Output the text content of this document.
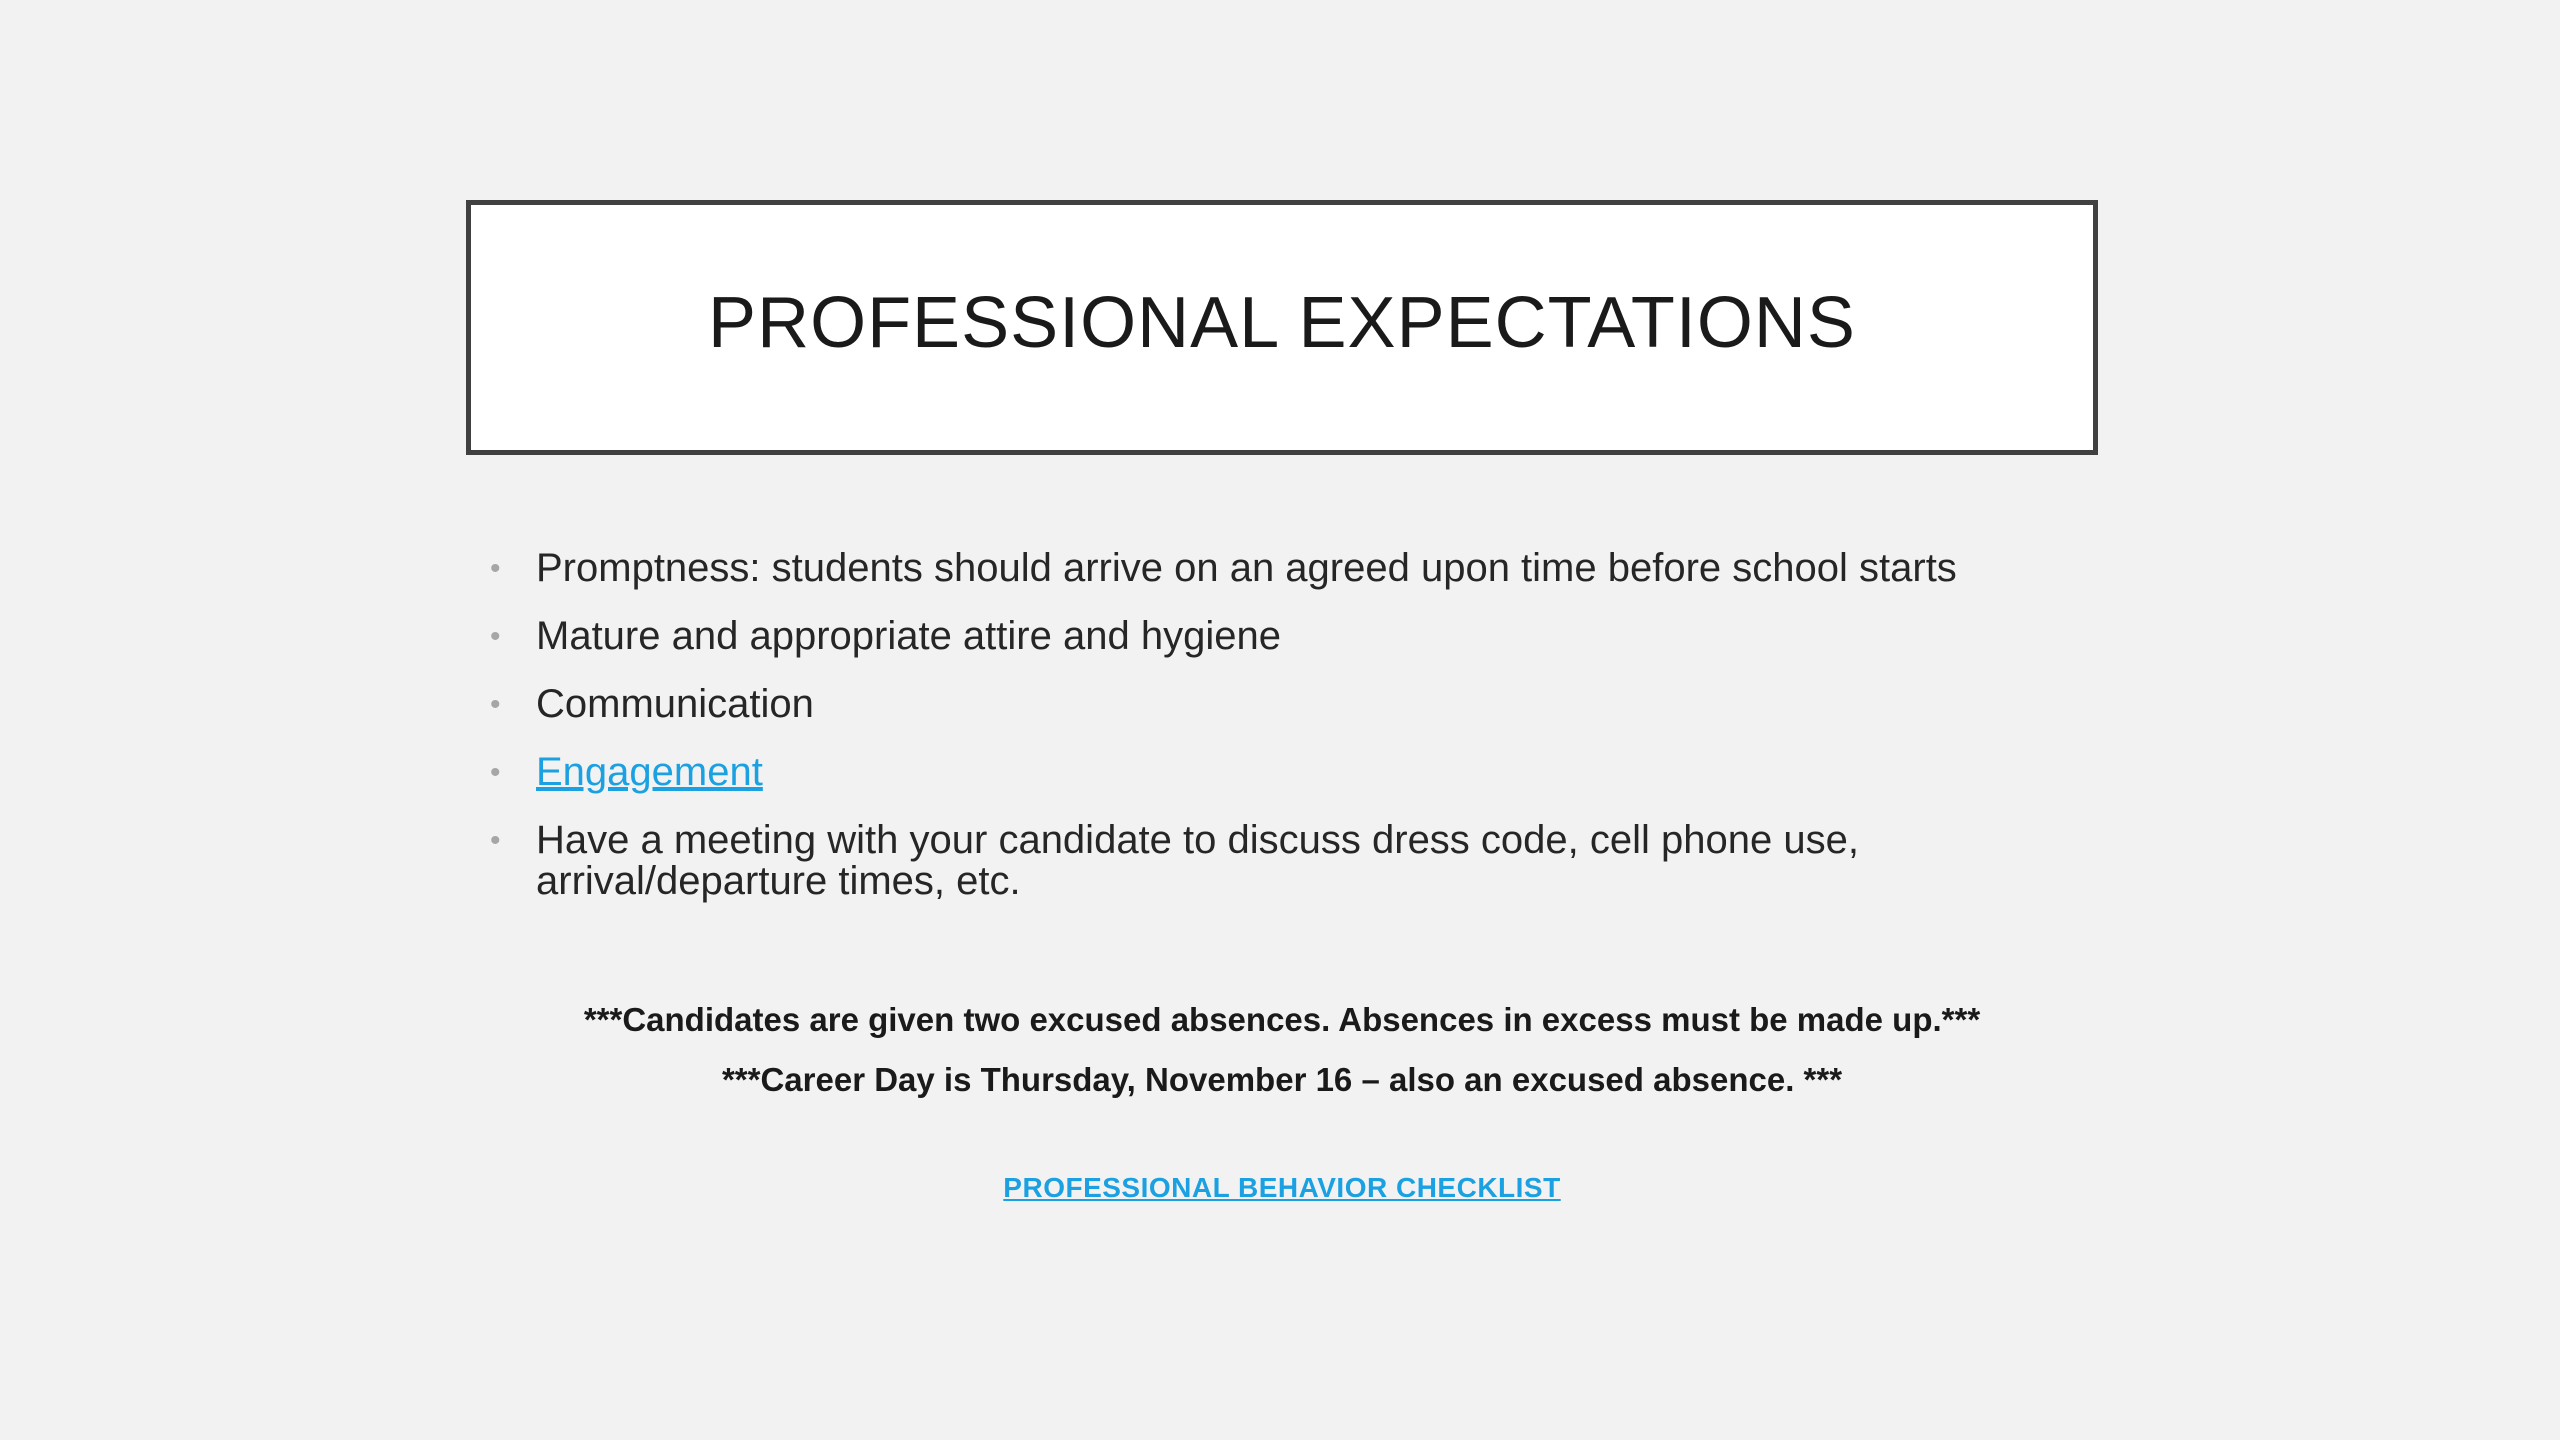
PROFESSIONAL EXPECTATIONS
• Promptness: students should arrive on an agreed upon time before school starts
• Mature and appropriate attire and hygiene
• Communication
• Engagement
• Have a meeting with your candidate to discuss dress code, cell phone use, arrival/departure times, etc.
***Candidates are given two excused absences. Absences in excess must be made up.***
***Career Day is Thursday, November 16 – also an excused absence. ***
PROFESSIONAL BEHAVIOR CHECKLIST
